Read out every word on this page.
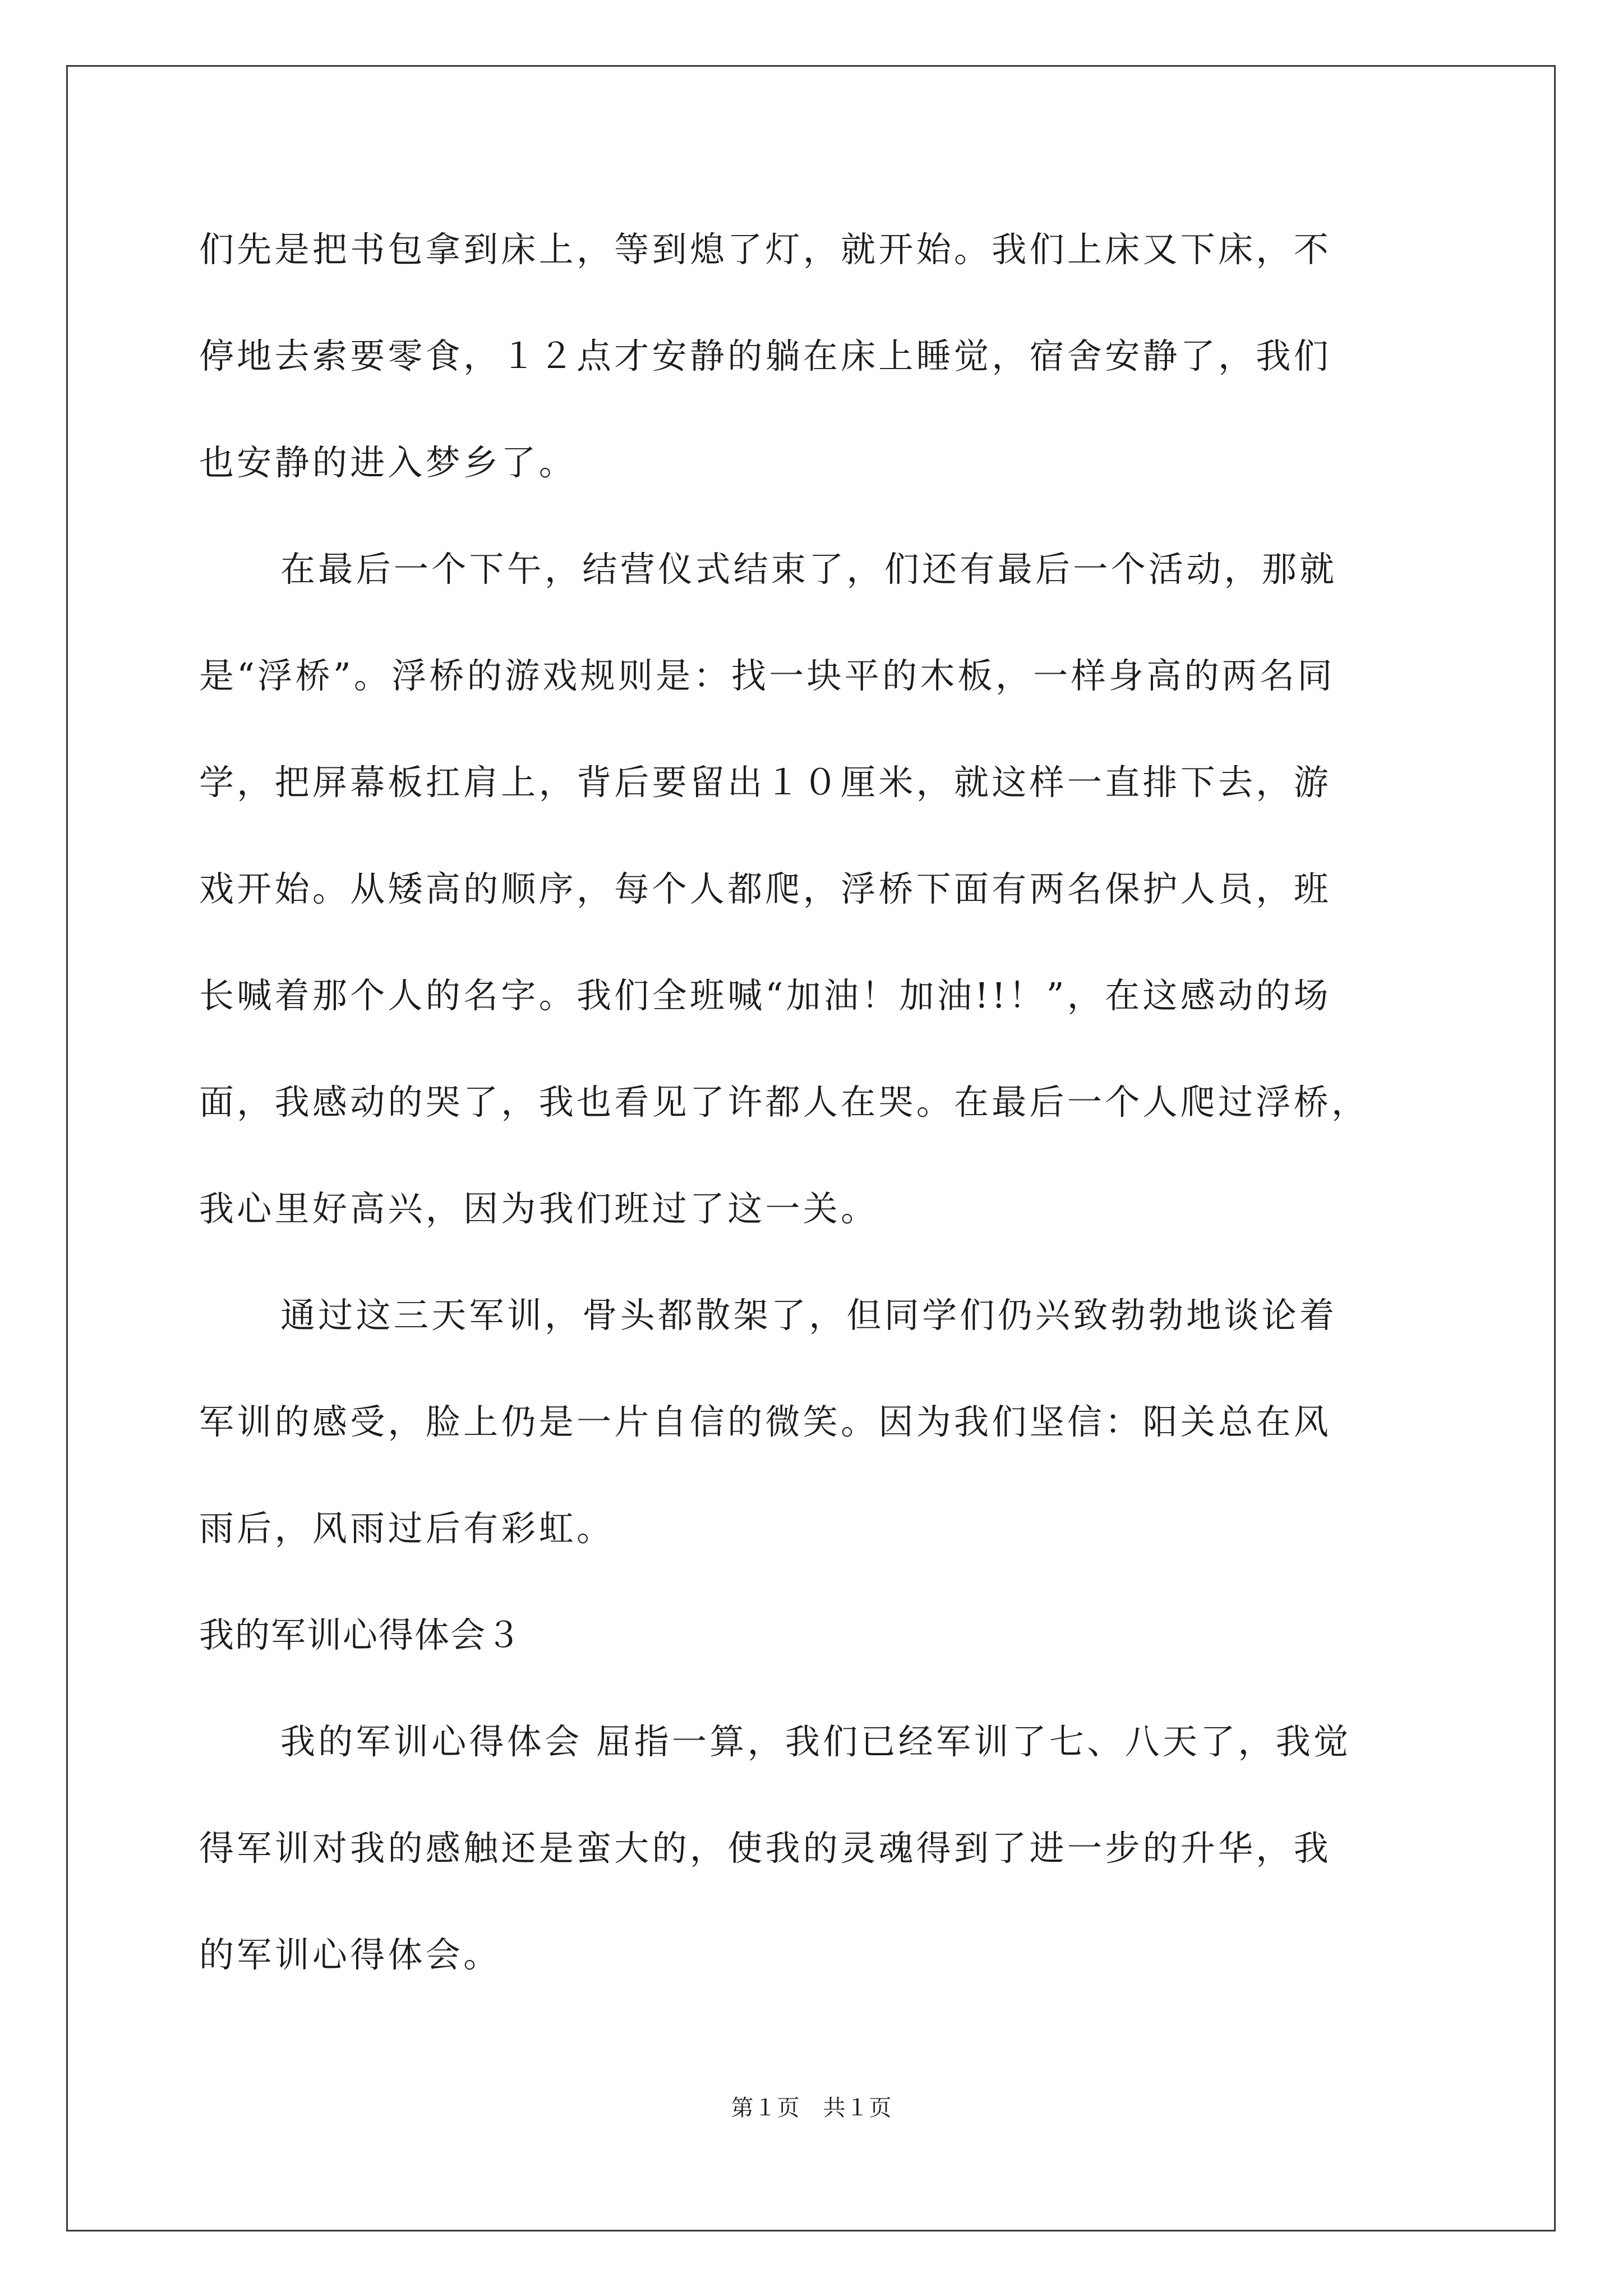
们先是把书包拿到床上，等到熄了灯，就开始。我们上床又下床，不
停地去索要零食，１２点才安静的躺在床上睡觉，宿舍安静了，我们
也安静的进入梦乡了。
在最后一个下午，结营仪式结束了，们还有最后一个活动，那就
是“浮桥”。浮桥的游戏规则是：找一块平的木板，一样身高的两名同
学，把屏幕板扛肩上，背后要留出１０厘米，就这样一直排下去，游
戏开始。从矮高的顺序，每个人都爬，浮桥下面有两名保护人员，班
长喊着那个人的名字。我们全班喊“加油！加油!!！”，在这感动的场
面，我感动的哭了，我也看见了许都人在哭。在最后一个人爬过浮桥，
我心里好高兴，因为我们班过了这一关。
通过这三天军训，骨头都散架了，但同学们仍兴致勃勃地谈论着
军训的感受，脸上仍是一片自信的微笑。因为我们坚信：阳关总在风
雨后，风雨过后有彩虹。
我的军训心得体会３
我的军训心得体会 屈指一算，我们已经军训了七、八天了，我觉
得军训对我的感触还是蛮大的，使我的灵魂得到了进一步的升华，我
的军训心得体会。
第１页　共１页
